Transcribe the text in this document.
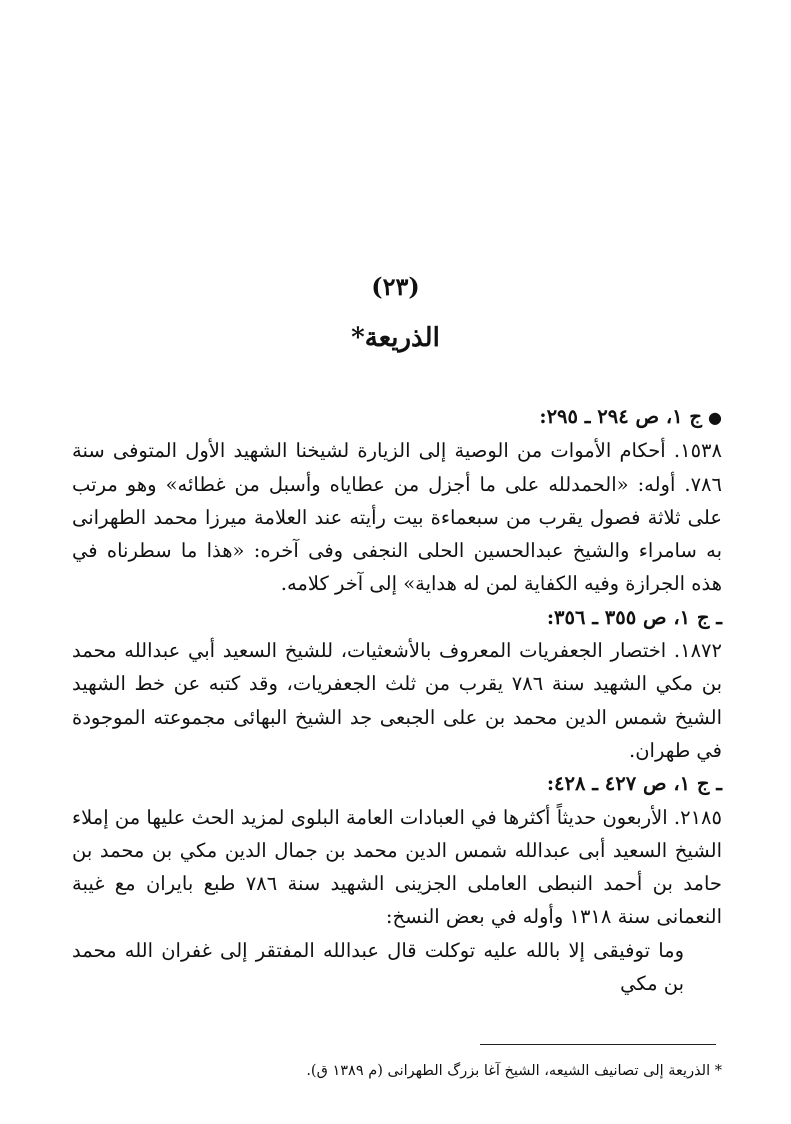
(٢٣)
الذريعة*

●ج ١، ص ٢٩٤ ـ ٢٩٥:

١٥٣٨. أحكام الأموات من الوصية إلى الزيارة لشيخنا الشهيد الأول المتوفى سنة ٧٨٦. أوله: «الحمدلله على ما أجزل من عطاياه وأسبل من غطائه» وهو مرتب على ثلاثة فصول يقرب من سبعماءة بيت رأيته عند العلامة ميرزا محمد الطهرانى به سامراء والشيخ عبدالحسين الحلى النجفى وفى آخره: «هذا ما سطرناه في هذه الجرازة وفيه الكفاية لمن له هداية» إلى آخر كلامه.

ـ ج ١، ص ٣٥٥ ـ ٣٥٦:

١٨٧٢. اختصار الجعفريات المعروف بالأشعثيات، للشيخ السعيد أبي عبدالله محمد بن مكي الشهيد سنة ٧٨٦ يقرب من ثلث الجعفريات، وقد كتبه عن خط الشهيد الشيخ شمس الدين محمد بن على الجبعى جد الشيخ البهائى مجموعته الموجودة في طهران.

ـ ج ١، ص ٤٢٧ ـ ٤٢٨:

٢١٨٥. الأربعون حديثاً أكثرها في العبادات العامة البلوى لمزيد الحث عليها من إملاء الشيخ السعيد أبى عبدالله شمس الدين محمد بن جمال الدين مكي بن محمد بن حامد بن أحمد النبطى العاملى الجزينى الشهيد سنة ٧٨٦ طبع بايران مع غيبة النعمانى سنة ١٣١٨ وأوله في بعض النسخ:

وما توفيقى إلا بالله عليه توكلت قال عبدالله المفتقر إلى غفران الله محمد بن مكي

* الذريعة إلى تصانيف الشيعه، الشيخ آغا بزرگ الطهرانى (م ١٣٨٩ ق).
